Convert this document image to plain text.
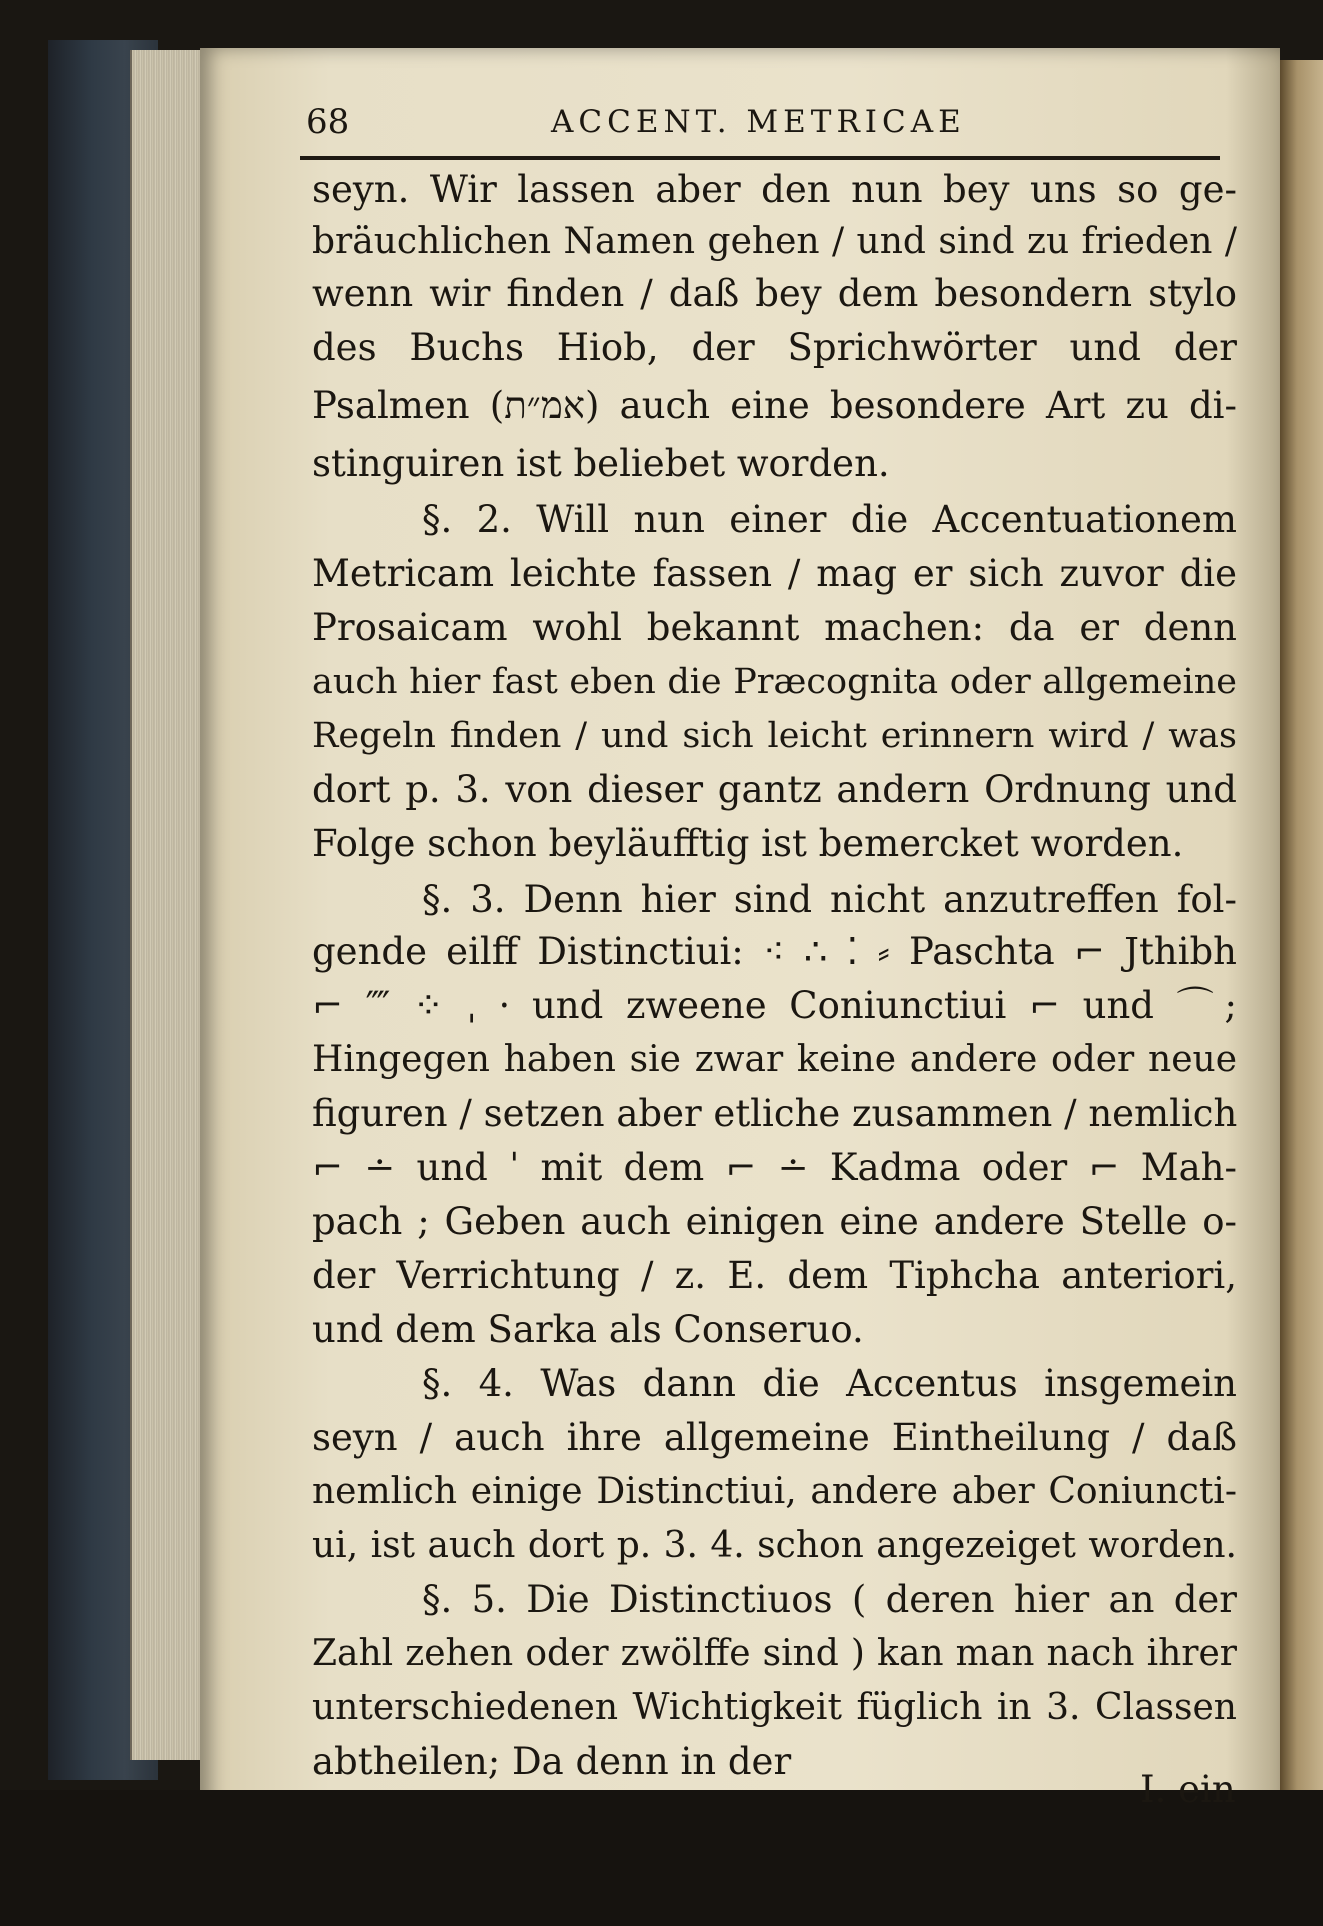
68	ACCENT. METRICAE
seyn. Wir lassen aber den nun bey uns so ge-
bräuchlichen Namen gehen / und sind zu frieden /
wenn wir finden / daß bey dem besondern stylo
des Buchs Hiob, der Sprichwörter und der
Psalmen (אמ״ת) auch eine besondere Art zu di-
stinguiren ist beliebet worden.
§. 2. Will nun einer die Accentuationem
Metricam leichte fassen / mag er sich zuvor die
Prosaicam wohl bekannt machen: da er denn
auch hier fast eben die Præcognita oder allgemeine
Regeln finden / und sich leicht erinnern wird / was
dort p. 3. von dieser gantz andern Ordnung und
Folge schon beyläufftig ist bemercket worden.
§. 3. Denn hier sind nicht anzutreffen fol-
gende eilff Distinctiui: ⁖ ∴ ⁚ ⸗ Paschta ⌐ Jthibh
⌐ ⁗ ⁘ ˌ ⸱ und zweene Coniunctiui ⌐ und ⌒;
Hingegen haben sie zwar keine andere oder neue
figuren / setzen aber etliche zusammen / nemlich
⌐ ∸ und ˈ mit dem ⌐ ∸ Kadma oder ⌐ Mah-
pach ; Geben auch einigen eine andere Stelle o-
der Verrichtung / z. E. dem Tiphcha anteriori,
und dem Sarka als Conseruo.
§. 4. Was dann die Accentus insgemein
seyn / auch ihre allgemeine Eintheilung / daß
nemlich einige Distinctiui, andere aber Coniuncti-
ui, ist auch dort p. 3. 4. schon angezeiget worden.
§. 5. Die Distinctiuos ( deren hier an der
Zahl zehen oder zwölffe sind ) kan man nach ihrer
unterschiedenen Wichtigkeit füglich in 3. Classen
abtheilen; Da denn in der
I. ein
